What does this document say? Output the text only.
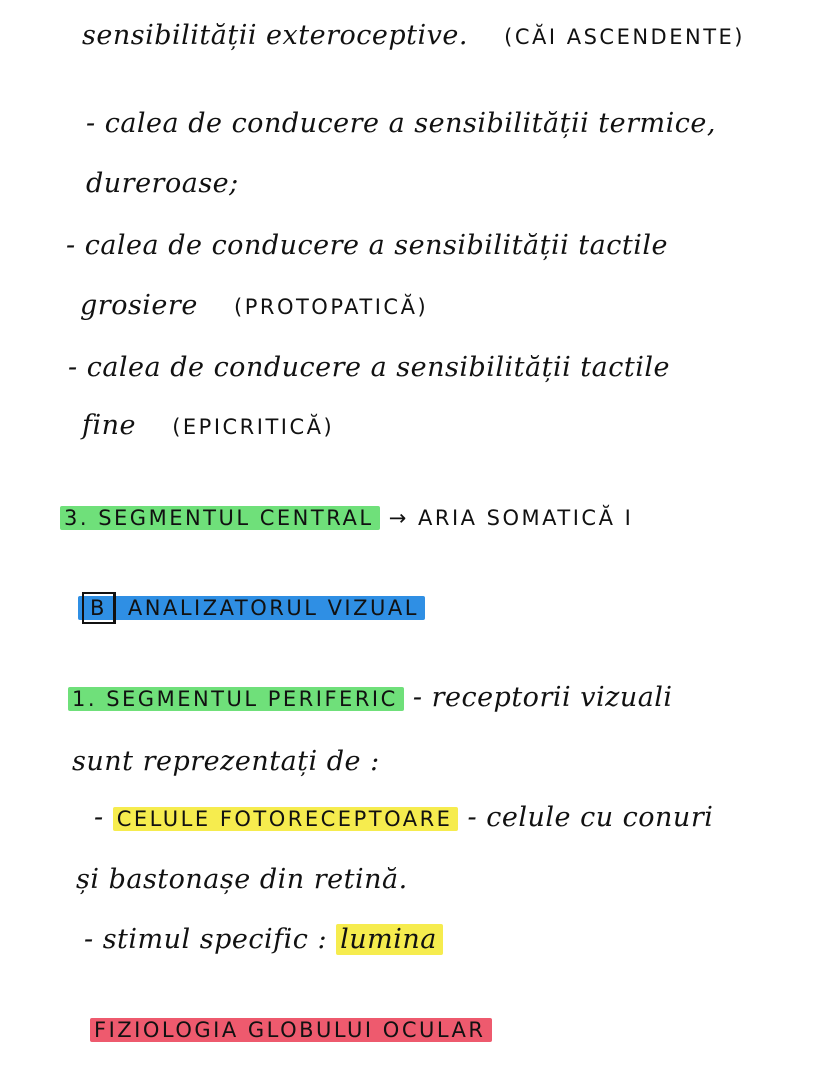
sensibilității exteroceptive. (CĂI ASCENDENTE)
- calea de conducere a sensibilității termice,
dureroase;
- calea de conducere a sensibilității tactile
grosiere (PROTOPATICĂ)
- calea de conducere a sensibilității tactile
fine (EPICRITICĂ)
3. SEGMENTUL CENTRAL → ARIA SOMATICĂ I
B ANALIZATORUL VIZUAL
1. SEGMENTUL PERIFERIC - receptorii vizuali
sunt reprezentați de :
- CELULE FOTORECEPTOARE - celule cu conuri
și bastonașe din retină.
- stimul specific : lumina
FIZIOLOGIA GLOBULUI OCULAR
